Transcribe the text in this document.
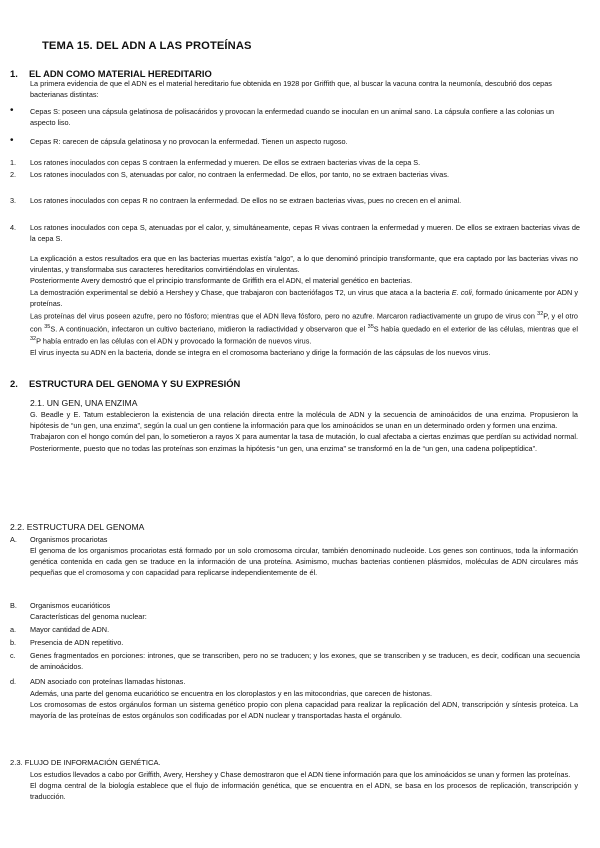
TEMA 15. DEL ADN A LAS PROTEÍNAS
1. EL ADN COMO MATERIAL HEREDITARIO
La primera evidencia de que el ADN es el material hereditario fue obtenida en 1928 por Griffith que, al buscar la vacuna contra la neumonía, descubrió dos cepas bacterianas distintas:
• Cepas S: poseen una cápsula gelatinosa de polisacáridos y provocan la enfermedad cuando se inoculan en un animal sano. La cápsula confiere a las colonias un aspecto liso.
• Cepas R: carecen de cápsula gelatinosa y no provocan la enfermedad. Tienen un aspecto rugoso.
1. Los ratones inoculados con cepas S contraen la enfermedad y mueren. De ellos se extraen bacterias vivas de la cepa S.
2. Los ratones inoculados con S, atenuadas por calor, no contraen la enfermedad. De ellos, por tanto, no se extraen bacterias vivas.
3. Los ratones inoculados con cepas R no contraen la enfermedad. De ellos no se extraen bacterias vivas, pues no crecen en el animal.
4. Los ratones inoculados con cepa S, atenuadas por el calor, y, simultáneamente, cepas R vivas contraen la enfermedad y mueren. De ellos se extraen bacterias vivas de la cepa S.
La explicación a estos resultados era que en las bacterias muertas existía “algo”, a lo que denominó principio transformante, que era captado por las bacterias vivas no virulentas, y transformaba sus caracteres hereditarios convirtiéndolas en virulentas.
Posteriormente Avery demostró que el principio transformante de Griffith era el ADN, el material genético en bacterias.
La demostración experimental se debió a Hershey y Chase, que trabajaron con bacteriófagos T2, un virus que ataca a la bacteria E. coli, formado únicamente por ADN y proteínas.
Las proteínas del virus poseen azufre, pero no fósforo; mientras que el ADN lleva fósforo, pero no azufre. Marcaron radiactivamente un grupo de virus con $^{32}$P, y el otro con $^{35}$S. A continuación, infectaron un cultivo bacteriano, midieron la radiactividad y observaron que el $^{35}$S había quedado en el exterior de las células, mientras que el $^{32}$P había entrado en las células con el ADN y provocado la formación de nuevos virus.
El virus inyecta su ADN en la bacteria, donde se integra en el cromosoma bacteriano y dirige la formación de las cápsulas de los nuevos virus.
2. ESTRUCTURA DEL GENOMA Y SU EXPRESIÓN
2.1. UN GEN, UNA ENZIMA
G. Beadle y E. Tatum establecieron la existencia de una relación directa entre la molécula de ADN y la secuencia de aminoácidos de una enzima. Propusieron la hipótesis de “un gen, una enzima”, según la cual un gen contiene la información para que los aminoácidos se unan en un determinado orden y formen una enzima.
Trabajaron con el hongo común del pan, lo sometieron a rayos X para aumentar la tasa de mutación, lo cual afectaba a ciertas enzimas que perdían su actividad normal. Posteriormente, puesto que no todas las proteínas son enzimas la hipótesis “un gen, una enzima” se transformó en la de “un gen, una cadena polipeptídica”.
2.2. ESTRUCTURA DEL GENOMA
A. Organismos procariotas
El genoma de los organismos procariotas está formado por un solo cromosoma circular, también denominado nucleoide. Los genes son continuos, toda la información genética contenida en cada gen se traduce en la información de una proteína. Asimismo, muchas bacterias contienen plásmidos, moléculas de ADN circulares más pequeñas que el cromosoma y con capacidad para replicarse independientemente de él.
B. Organismos eucarióticos
Características del genoma nuclear:
a. Mayor cantidad de ADN.
b. Presencia de ADN repetitivo.
c. Genes fragmentados en porciones: intrones, que se transcriben, pero no se traducen; y los exones, que se transcriben y se traducen, es decir, codifican una secuencia de aminoácidos.
d. ADN asociado con proteínas llamadas histonas.
Además, una parte del genoma eucariótico se encuentra en los cloroplastos y en las mitocondrias, que carecen de histonas.
Los cromosomas de estos orgánulos forman un sistema genético propio con plena capacidad para realizar la replicación del ADN, transcripción y síntesis proteica. La mayoría de las proteínas de estos orgánulos son codificadas por el ADN nuclear y transportadas hasta el orgánulo.
2.3. FLUJO DE INFORMACIÓN GENÉTICA.
Los estudios llevados a cabo por Griffith, Avery, Hershey y Chase demostraron que el ADN tiene información para que los aminoácidos se unan y formen las proteínas.
El dogma central de la biología establece que el flujo de información genética, que se encuentra en el ADN, se basa en los procesos de replicación, transcripción y traducción.
